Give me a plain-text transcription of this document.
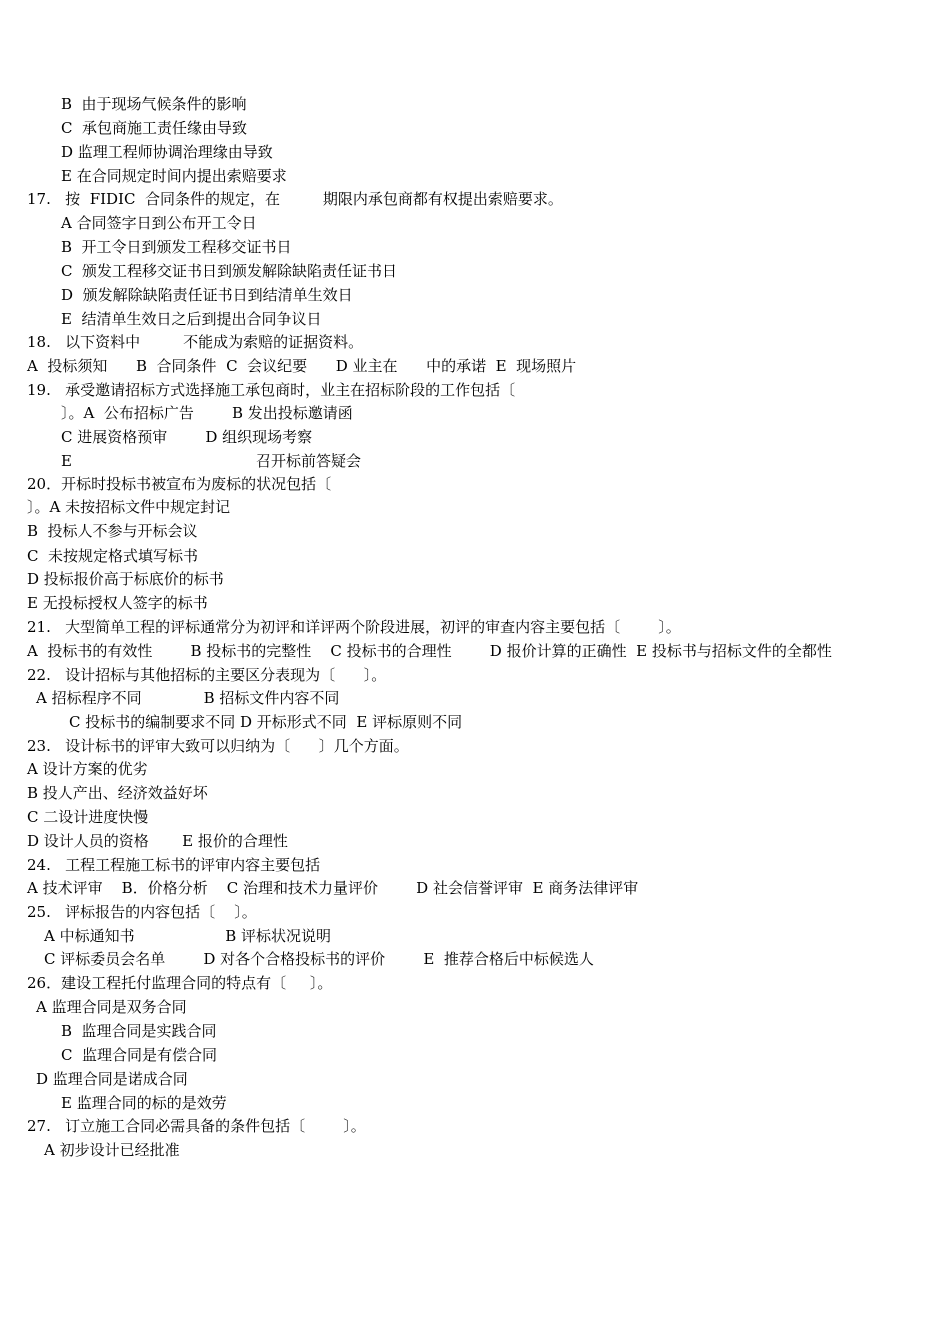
B  由于现场气候条件的影响
C  承包商施工责任缘由导致
D 监理工程师协调治理缘由导致
E 在合同规定时间内提出索赔要求
17.   按  FIDIC  合同条件的规定，在         期限内承包商都有权提出索赔要求。
A 合同签字日到公布开工令日
B  开工令日到颁发工程移交证书日
C  颁发工程移交证书日到颁发解除缺陷责任证书日
D  颁发解除缺陷责任证书日到结清单生效日
E  结清单生效日之后到提出合同争议日
18.   以下资料中         不能成为索赔的证据资料。
A  投标须知      B  合同条件  C  会议纪要      D 业主在      中的承诺  E  现场照片
19.   承受邀请招标方式选择施工承包商时，业主在招标阶段的工作包括〔
〕。A  公布招标广告        B 发出投标邀请函
C 进展资格预审        D 组织现场考察
E	召开标前答疑会
20．开标时投标书被宣布为废标的状况包括〔
〕。A 未按招标文件中规定封记
B  投标人不参与开标会议
C  未按规定格式填写标书
D 投标报价高于标底价的标书
E 无投标授权人签字的标书
21.   大型简单工程的评标通常分为初评和详评两个阶段进展，初评的审查内容主要包括〔        〕。
A  投标书的有效性        B 投标书的完整性    C 投标书的合理性        D 报价计算的正确性  E 投标书与招标文件的全都性
22.   设计招标与其他招标的主要区分表现为〔      〕。
A 招标程序不同             B 招标文件内容不同
C 投标书的编制要求不同 D 开标形式不同  E 评标原则不同
23.   设计标书的评审大致可以归纳为〔      〕几个方面。
A 设计方案的优劣
B 投人产出、经济效益好坏
C 二设计进度快慢
D 设计人员的资格       E 报价的合理性
24.   工程工程施工标书的评审内容主要包括
A 技术评审    B．价格分析    C 治理和技术力量评价        D 社会信誉评审  E 商务法律评审
25.   评标报告的内容包括〔    〕。
A 中标通知书                   B 评标状况说明
C 评标委员会名单        D 对各个合格投标书的评价        E  推荐合格后中标候选人
26．建设工程托付监理合同的特点有〔     〕。
A 监理合同是双务合同
B  监理合同是实践合同
C  监理合同是有偿合同
D 监理合同是诺成合同
E 监理合同的标的是效劳
27.   订立施工合同必需具备的条件包括〔        〕。
A 初步设计已经批准
